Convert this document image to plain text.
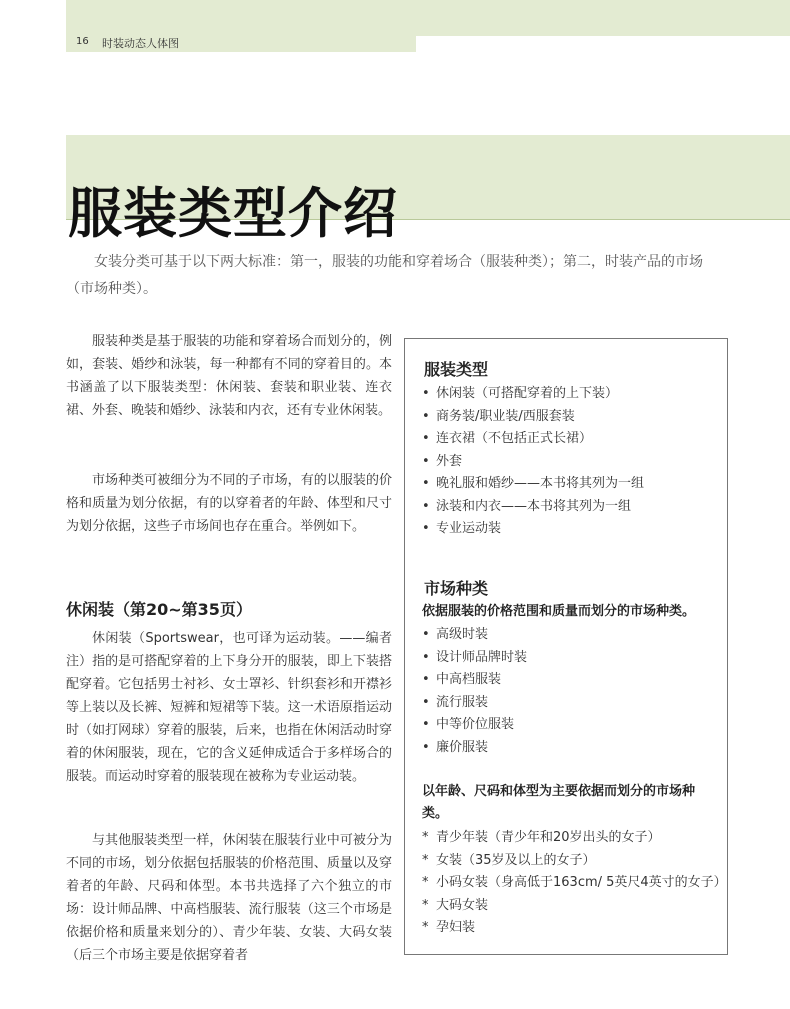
16 时装动态人体图
服装类型介绍

女装分类可基于以下两大标准：第一，服装的功能和穿着场合（服装种类）；第二，时装产品的市场（市场种类）。

服装种类是基于服装的功能和穿着场合而划分的，例如，套装、婚纱和泳装，每一种都有不同的穿着目的。本书涵盖了以下服装类型：休闲装、套装和职业装、连衣裙、外套、晚装和婚纱、泳装和内衣，还有专业休闲装。

市场种类可被细分为不同的子市场，有的以服装的价格和质量为划分依据，有的以穿着者的年龄、体型和尺寸为划分依据，这些子市场间也存在重合。举例如下。

休闲装（第20~第35页）

休闲装（Sportswear，也可译为运动装。——编者注）指的是可搭配穿着的上下身分开的服装，即上下装搭配穿着。它包括男士衬衫、女士罩衫、针织套衫和开襟衫等上装以及长裤、短裤和短裙等下装。这一术语原指运动时（如打网球）穿着的服装，后来，也指在休闲活动时穿着的休闲服装，现在，它的含义延伸成适合于多样场合的服装。而运动时穿着的服装现在被称为专业运动装。

与其他服装类型一样，休闲装在服装行业中可被分为不同的市场，划分依据包括服装的价格范围、质量以及穿着者的年龄、尺码和体型。本书共选择了六个独立的市场：设计师品牌、中高档服装、流行服装（这三个市场是依据价格和质量来划分的）、青少年装、女装、大码女装（后三个市场主要是依据穿着者

服装类型
• 休闲装（可搭配穿着的上下装）
• 商务装/职业装/西服套装
• 连衣裙（不包括正式长裙）
• 外套
• 晚礼服和婚纱——本书将其列为一组
• 泳装和内衣——本书将其列为一组
• 专业运动装
市场种类

依据服装的价格范围和质量而划分的市场种类。

• 高级时装
• 设计师品牌时装
• 中高档服装
• 流行服装
• 中等价位服装
• 廉价服装

以年龄、尺码和体型为主要依据而划分的市场种类。

* 青少年装（青少年和20岁出头的女子）
* 女装（35岁及以上的女子）
* 小码女装（身高低于163cm/ 5英尺4英寸的女子）
* 大码女装
* 孕妇装
